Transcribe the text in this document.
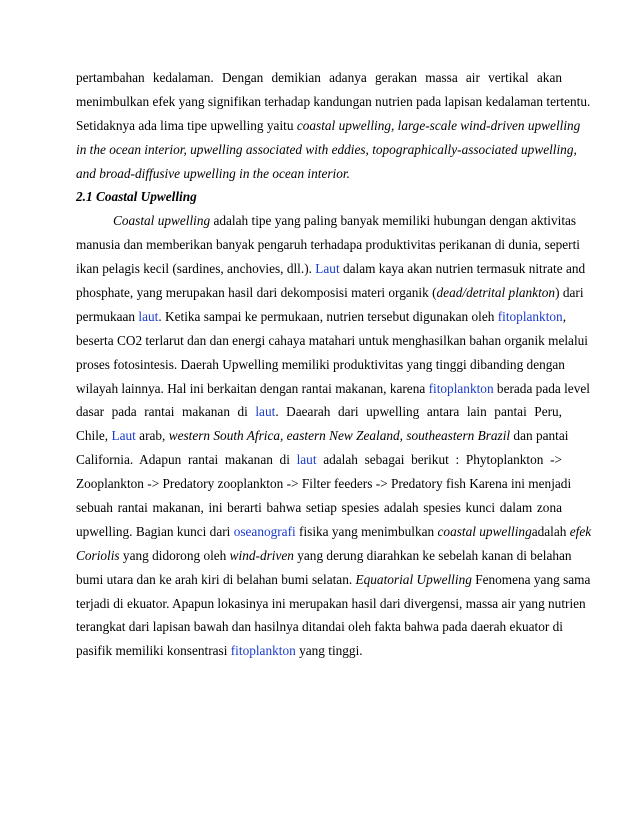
pertambahan kedalaman. Dengan demikian adanya gerakan massa air vertikal akan
menimbulkan efek yang signifikan terhadap kandungan nutrien pada lapisan kedalaman tertentu.
Setidaknya ada lima tipe upwelling yaitu coastal upwelling, large-scale wind-driven upwelling
in the ocean interior, upwelling associated with eddies, topographically-associated upwelling,
and broad-diffusive upwelling in the ocean interior.
2.1 Coastal Upwelling
Coastal upwelling adalah tipe yang paling banyak memiliki hubungan dengan aktivitas
manusia dan memberikan banyak pengaruh terhadapa produktivitas perikanan di dunia, seperti
ikan pelagis kecil (sardines, anchovies, dll.). Laut dalam kaya akan nutrien termasuk nitrate and
phosphate, yang merupakan hasil dari dekomposisi materi organik (dead/detrital plankton) dari
permukaan laut. Ketika sampai ke permukaan, nutrien tersebut digunakan oleh fitoplankton,
beserta CO2 terlarut dan dan energi cahaya matahari untuk menghasilkan bahan organik melalui
proses fotosintesis. Daerah Upwelling memiliki produktivitas yang tinggi dibanding dengan
wilayah lainnya. Hal ini berkaitan dengan rantai makanan, karena fitoplankton berada pada level
dasar pada rantai makanan di laut. Daearah dari upwelling antara lain pantai Peru,
Chile, Laut arab, western South Africa, eastern New Zealand, southeastern Brazil dan pantai
California. Adapun rantai makanan di laut adalah sebagai berikut : Phytoplankton ->
Zooplankton -> Predatory zooplankton -> Filter feeders -> Predatory fish Karena ini menjadi
sebuah rantai makanan, ini berarti bahwa setiap spesies adalah spesies kunci dalam zona
upwelling. Bagian kunci dari oseanografi fisika yang menimbulkan coastal upwellingadalah efek
Coriolis yang didorong oleh wind-driven yang derung diarahkan ke sebelah kanan di belahan
bumi utara dan ke arah kiri di belahan bumi selatan. Equatorial Upwelling Fenomena yang sama
terjadi di ekuator. Apapun lokasinya ini merupakan hasil dari divergensi, massa air yang nutrien
terangkat dari lapisan bawah dan hasilnya ditandai oleh fakta bahwa pada daerah ekuator di
pasifik memiliki konsentrasi fitoplankton yang tinggi.
